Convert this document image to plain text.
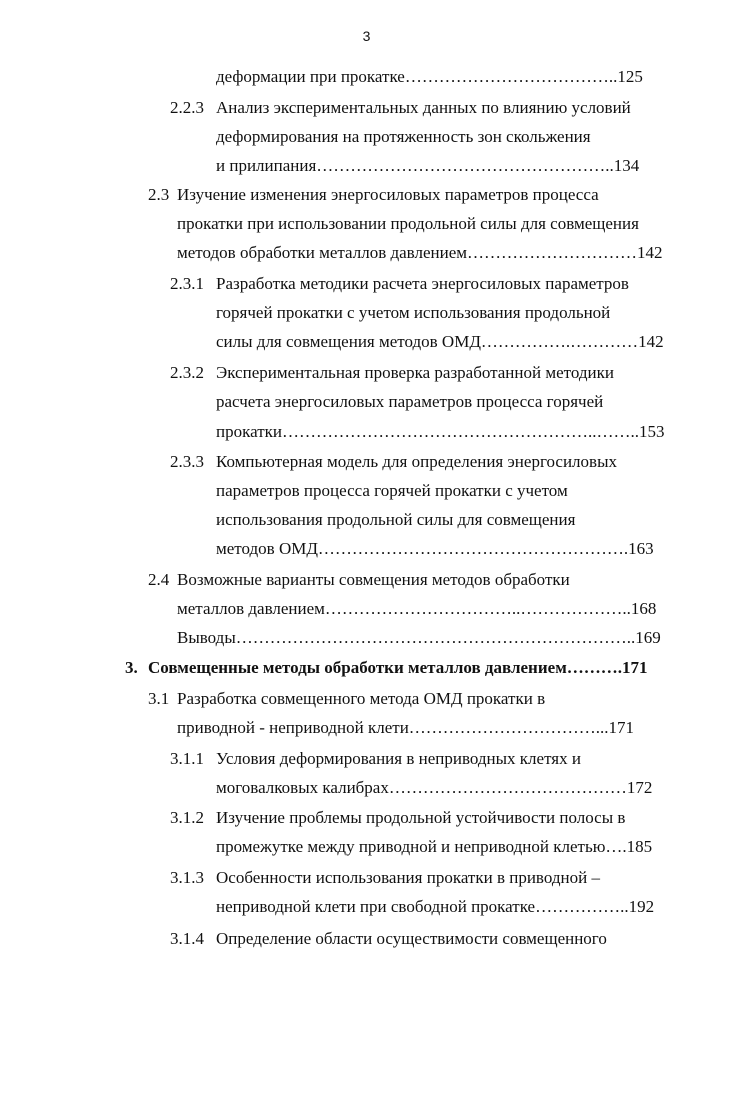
3
деформации при прокатке………………………………..125
2.2.3 Анализ экспериментальных данных по влиянию условий
деформирования на протяженность зон скольжения
и прилипания……………………………………………..134
2.3 Изучение изменения энергосиловых параметров процесса
прокатки при использовании продольной силы для совмещения
методов обработки металлов давлением…………………………142
2.3.1 Разработка методики расчета энергосиловых параметров
горячей прокатки с учетом использования продольной
силы для совмещения методов ОМД…………….…………142
2.3.2 Экспериментальная проверка разработанной методики
расчета энергосиловых параметров процесса горячей
прокатки………………………………………………..……..153
2.3.3 Компьютерная модель для определения энергосиловых
параметров процесса горячей прокатки с учетом
использования продольной силы для совмещения
методов ОМД……………………………………………….163
2.4 Возможные варианты совмещения методов обработки
металлов давлением……………………………..………………..168
Выводы……………………………………………………………..169
3. Совмещенные методы обработки металлов давлением……….171
3.1 Разработка совмещенного метода ОМД прокатки в
приводной - неприводной клети……………………………...171
3.1.1 Условия деформирования в неприводных клетях и
моговалковых калибрах……………………………………172
3.1.2 Изучение проблемы продольной устойчивости полосы в
промежутке между приводной и неприводной клетью….185
3.1.3 Особенности использования прокатки в приводной –
неприводной клети при свободной прокатке……………..192
3.1.4 Определение области осуществимости совмещенного
